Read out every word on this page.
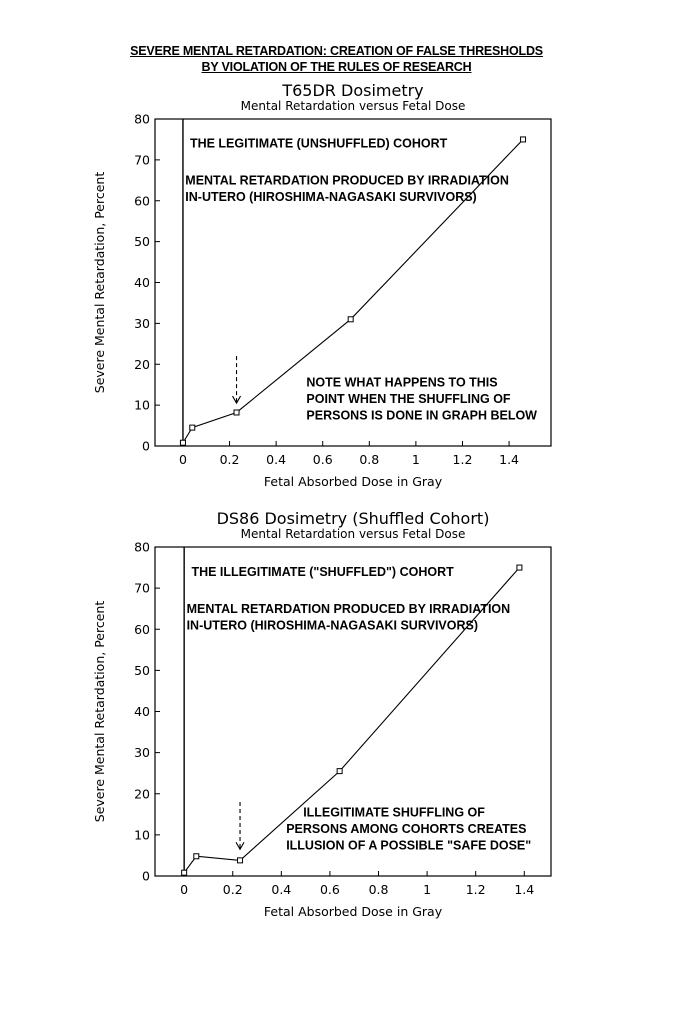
SEVERE MENTAL RETARDATION: CREATION OF FALSE THRESHOLDS
BY VIOLATION OF THE RULES OF RESEARCH
T65DR Dosimetry
Mental Retardation versus Fetal Dose
0
10
20
30
40
50
60
70
80
0	0.2 0.4 0.6 0.8	1	1.2 1.4
Fetal Absorbed Dose in Gray
Severe Mental Retardation, Percent
THE LEGITIMATE (UNSHUFFLED) COHORT
MENTAL RETARDATION PRODUCED BY IRRADIATION
IN-UTERO (HIROSHIMA-NAGASAKI SURVIVORS)
NOTE WHAT HAPPENS TO THIS
POINT WHEN THE SHUFFLING OF
PERSONS IS DONE IN GRAPH BELOW
DS86 Dosimetry (Shuffled Cohort)
Mental Retardation versus Fetal Dose
0
10
20
30
40
50
60
70
80
0	0.2 0.4 0.6 0.8	1	1.2 1.4
Fetal Absorbed Dose in Gray
Severe Mental Retardation, Percent
THE ILLEGITIMATE ("SHUFFLED") COHORT
MENTAL RETARDATION PRODUCED BY IRRADIATION
IN-UTERO (HIROSHIMA-NAGASAKI SURVIVORS)
ILLEGITIMATE SHUFFLING OF
PERSONS AMONG COHORTS CREATES
ILLUSION OF A POSSIBLE "SAFE DOSE"
